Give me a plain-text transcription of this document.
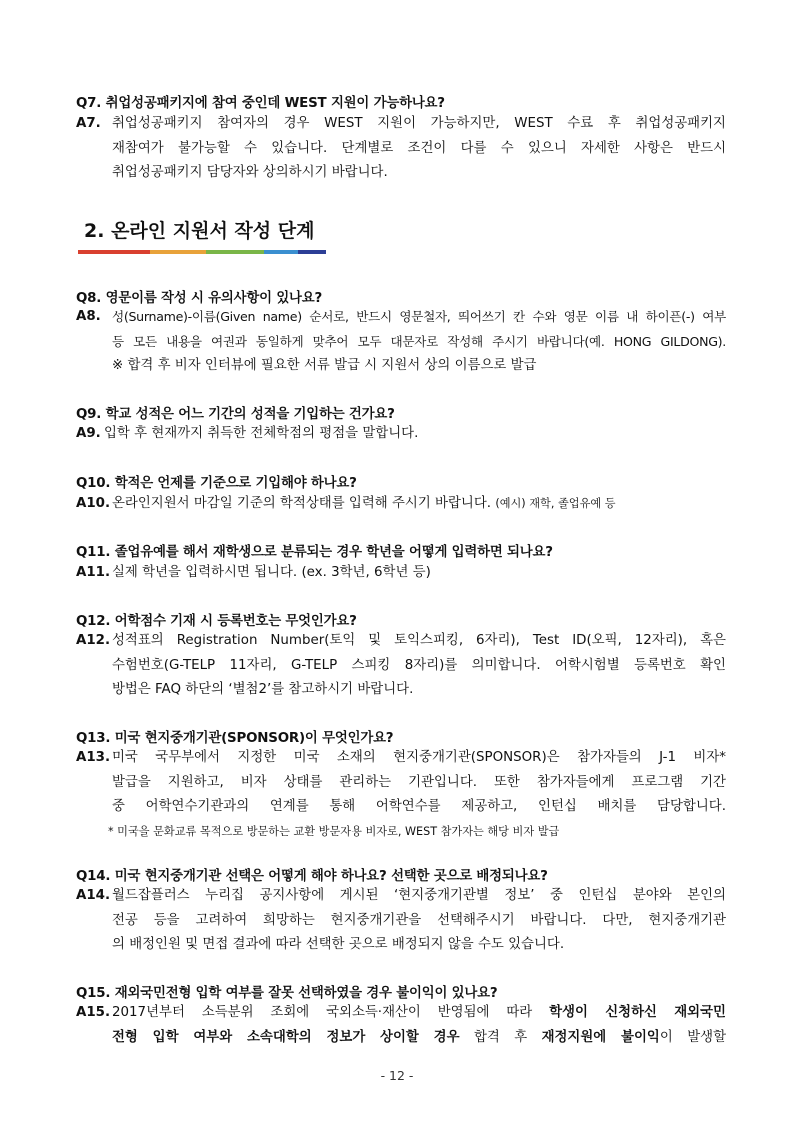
Q7. 취업성공패키지에 참여 중인데 WEST 지원이 가능하나요?
A7. 취업성공패키지 참여자의 경우 WEST 지원이 가능하지만, WEST 수료 후 취업성공패키지
재참여가 불가능할 수 있습니다. 단계별로 조건이 다를 수 있으니 자세한 사항은 반드시
취업성공패키지 담당자와 상의하시기 바랍니다.
2. 온라인 지원서 작성 단계
Q8. 영문이름 작성 시 유의사항이 있나요?
A8. 성(Surname)-이름(Given name) 순서로, 반드시 영문철자, 띄어쓰기 칸 수와 영문 이름 내 하이픈(-) 여부
등 모든 내용을 여권과 동일하게 맞추어 모두 대문자로 작성해 주시기 바랍니다(예. HONG GILDONG).
※ 합격 후 비자 인터뷰에 필요한 서류 발급 시 지원서 상의 이름으로 발급
Q9. 학교 성적은 어느 기간의 성적을 기입하는 건가요?
A9. 입학 후 현재까지 취득한 전체학점의 평점을 말합니다.
Q10. 학적은 언제를 기준으로 기입해야 하나요?
A10. 온라인지원서 마감일 기준의 학적상태를 입력해 주시기 바랍니다. (예시) 재학, 졸업유예 등
Q11. 졸업유예를 해서 재학생으로 분류되는 경우 학년을 어떻게 입력하면 되나요?
A11. 실제 학년을 입력하시면 됩니다. (ex. 3학년, 6학년 등)
Q12. 어학점수 기재 시 등록번호는 무엇인가요?
A12. 성적표의 Registration Number(토익 및 토익스피킹, 6자리), Test ID(오픽, 12자리), 혹은
수험번호(G-TELP 11자리, G-TELP 스피킹 8자리)를 의미합니다. 어학시험별 등록번호 확인
방법은 FAQ 하단의 ‘별첨2’를 참고하시기 바랍니다.
Q13. 미국 현지중개기관(SPONSOR)이 무엇인가요?
A13. 미국 국무부에서 지정한 미국 소재의 현지중개기관(SPONSOR)은 참가자들의 J-1 비자*
발급을 지원하고, 비자 상태를 관리하는 기관입니다. 또한 참가자들에게 프로그램 기간
중 어학연수기관과의 연계를 통해 어학연수를 제공하고, 인턴십 배치를 담당합니다.
* 미국을 문화교류 목적으로 방문하는 교환 방문자용 비자로, WEST 참가자는 해당 비자 발급
Q14. 미국 현지중개기관 선택은 어떻게 해야 하나요? 선택한 곳으로 배정되나요?
A14. 월드잡플러스 누리집 공지사항에 게시된 ‘현지중개기관별 정보’ 중 인턴십 분야와 본인의
전공 등을 고려하여 희망하는 현지중개기관을 선택해주시기 바랍니다. 다만, 현지중개기관
의 배정인원 및 면접 결과에 따라 선택한 곳으로 배정되지 않을 수도 있습니다.
Q15. 재외국민전형 입학 여부를 잘못 선택하였을 경우 불이익이 있나요?
A15. 2017년부터 소득분위 조회에 국외소득·재산이 반영됨에 따라 학생이 신청하신 재외국민
전형 입학 여부와 소속대학의 정보가 상이할 경우 합격 후 재정지원에 불이익이 발생할
- 12 -
